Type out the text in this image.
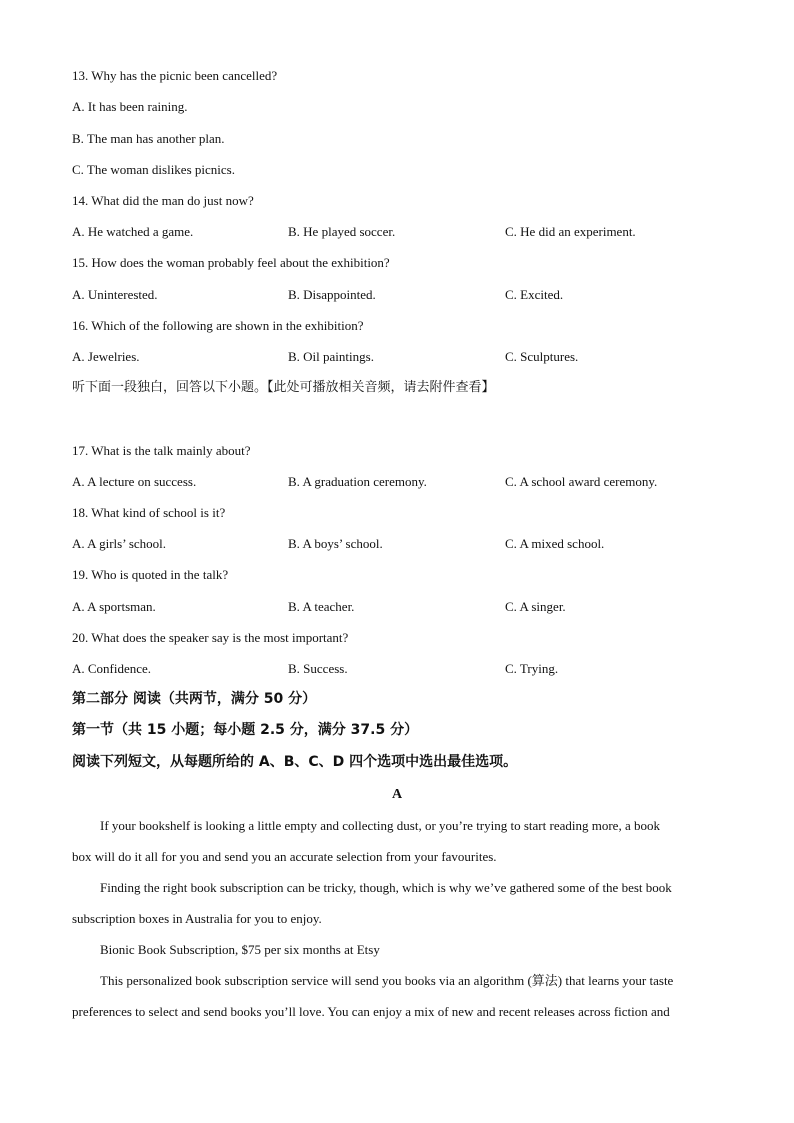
13. Why has the picnic been cancelled?
A. It has been raining.
B. The man has another plan.
C. The woman dislikes picnics.
14. What did the man do just now?
A. He watched a game.	B. He played soccer.	C. He did an experiment.
15. How does the woman probably feel about the exhibition?
A. Uninterested.	B. Disappointed.	C. Excited.
16. Which of the following are shown in the exhibition?
A. Jewelries.	B. Oil paintings.	C. Sculptures.
听下面一段独白，回答以下小题。【此处可播放相关音频，请去附件查看】
17. What is the talk mainly about?
A. A lecture on success.	B. A graduation ceremony.	C. A school award ceremony.
18. What kind of school is it?
A. A girls’ school.	B. A boys’ school.	C. A mixed school.
19. Who is quoted in the talk?
A. A sportsman.	B. A teacher.	C. A singer.
20. What does the speaker say is the most important?
A. Confidence.	B. Success.	C. Trying.
第二部分 阅读（共两节，满分 50 分）
第一节（共 15 小题；每小题 2.5 分，满分 37.5 分）
阅读下列短文，从每题所给的 A、B、C、D 四个选项中选出最佳选项。
A
If your bookshelf is looking a little empty and collecting dust, or you’re trying to start reading more, a book
box will do it all for you and send you an accurate selection from your favourites.
Finding the right book subscription can be tricky, though, which is why we’ve gathered some of the best book
subscription boxes in Australia for you to enjoy.
Bionic Book Subscription, $75 per six months at Etsy
This personalized book subscription service will send you books via an algorithm (算法) that learns your taste
preferences to select and send books you’ll love. You can enjoy a mix of new and recent releases across fiction and
